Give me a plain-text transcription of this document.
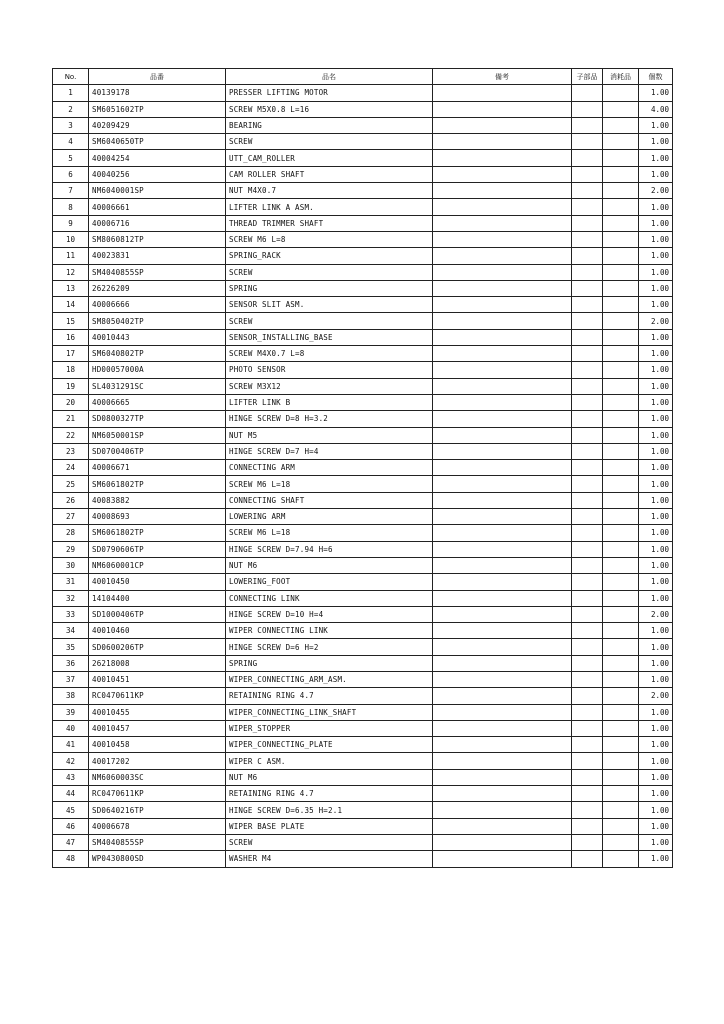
No.	品番	品名	備考	子部品	消耗品	個数
1	40139178	PRESSER LIFTING MOTOR				1.00
2	SM6051602TP	SCREW M5X0.8 L=16				4.00
3	40209429	BEARING				1.00
4	SM6040650TP	SCREW				1.00
5	40004254	UTT_CAM_ROLLER				1.00
6	40040256	CAM ROLLER SHAFT				1.00
7	NM6040001SP	NUT M4X0.7				2.00
8	40006661	LIFTER LINK A ASM.				1.00
9	40006716	THREAD TRIMMER SHAFT				1.00
10	SM8060812TP	SCREW M6 L=8				1.00
11	40023831	SPRING_RACK				1.00
12	SM4040855SP	SCREW				1.00
13	26226209	SPRING				1.00
14	40006666	SENSOR SLIT ASM.				1.00
15	SM8050402TP	SCREW				2.00
16	40010443	SENSOR_INSTALLING_BASE				1.00
17	SM6040802TP	SCREW M4X0.7 L=8				1.00
18	HD00057000A	PHOTO SENSOR				1.00
19	SL4031291SC	SCREW M3X12				1.00
20	40006665	LIFTER LINK B				1.00
21	SD0800327TP	HINGE SCREW D=8 H=3.2				1.00
22	NM6050001SP	NUT M5				1.00
23	SD0700406TP	HINGE SCREW D=7 H=4				1.00
24	40006671	CONNECTING ARM				1.00
25	SM6061802TP	SCREW M6 L=18				1.00
26	40083882	CONNECTING SHAFT				1.00
27	40008693	LOWERING ARM				1.00
28	SM6061802TP	SCREW M6 L=18				1.00
29	SD0790606TP	HINGE SCREW D=7.94 H=6				1.00
30	NM6060001CP	NUT M6				1.00
31	40010450	LOWERING_FOOT				1.00
32	14104400	CONNECTING LINK				1.00
33	SD1000406TP	HINGE SCREW D=10 H=4				2.00
34	40010460	WIPER CONNECTING LINK				1.00
35	SD0600206TP	HINGE SCREW D=6 H=2				1.00
36	26218008	SPRING				1.00
37	40010451	WIPER_CONNECTING_ARM_ASM.				1.00
38	RC0470611KP	RETAINING RING 4.7				2.00
39	40010455	WIPER_CONNECTING_LINK_SHAFT				1.00
40	40010457	WIPER_STOPPER				1.00
41	40010458	WIPER_CONNECTING_PLATE				1.00
42	40017202	WIPER C ASM.				1.00
43	NM6060003SC	NUT M6				1.00
44	RC0470611KP	RETAINING RING 4.7				1.00
45	SD0640216TP	HINGE SCREW D=6.35 H=2.1				1.00
46	40006678	WIPER BASE PLATE				1.00
47	SM4040855SP	SCREW				1.00
48	WP0430800SD	WASHER M4				1.00
